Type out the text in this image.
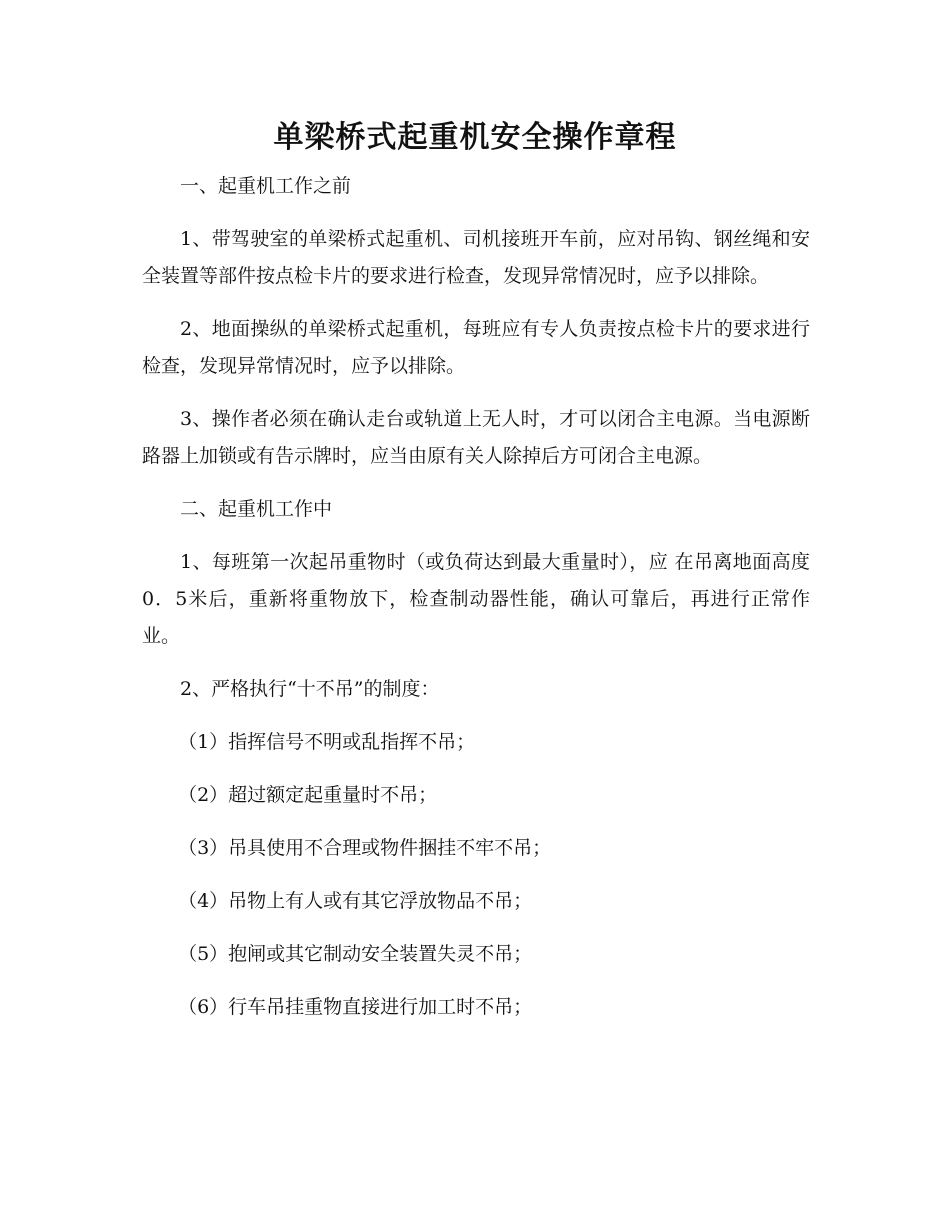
单梁桥式起重机安全操作章程

一、起重机工作之前

1、带驾驶室的单梁桥式起重机、司机接班开车前，应对吊钩、钢丝绳和安全装置等部件按点检卡片的要求进行检查，发现异常情况时，应予以排除。

2、地面操纵的单梁桥式起重机，每班应有专人负责按点检卡片的要求进行检查，发现异常情况时，应予以排除。

3、操作者必须在确认走台或轨道上无人时，才可以闭合主电源。当电源断路器上加锁或有告示牌时，应当由原有关人除掉后方可闭合主电源。

二、起重机工作中

1、每班第一次起吊重物时（或负荷达到最大重量时），应 在吊离地面高度0．5米后，重新将重物放下，检查制动器性能，确认可靠后，再进行正常作业。

2、严格执行“十不吊”的制度：

（1）指挥信号不明或乱指挥不吊；

（2）超过额定起重量时不吊；

（3）吊具使用不合理或物件捆挂不牢不吊；

（4）吊物上有人或有其它浮放物品不吊；

（5）抱闸或其它制动安全装置失灵不吊；

（6）行车吊挂重物直接进行加工时不吊；
